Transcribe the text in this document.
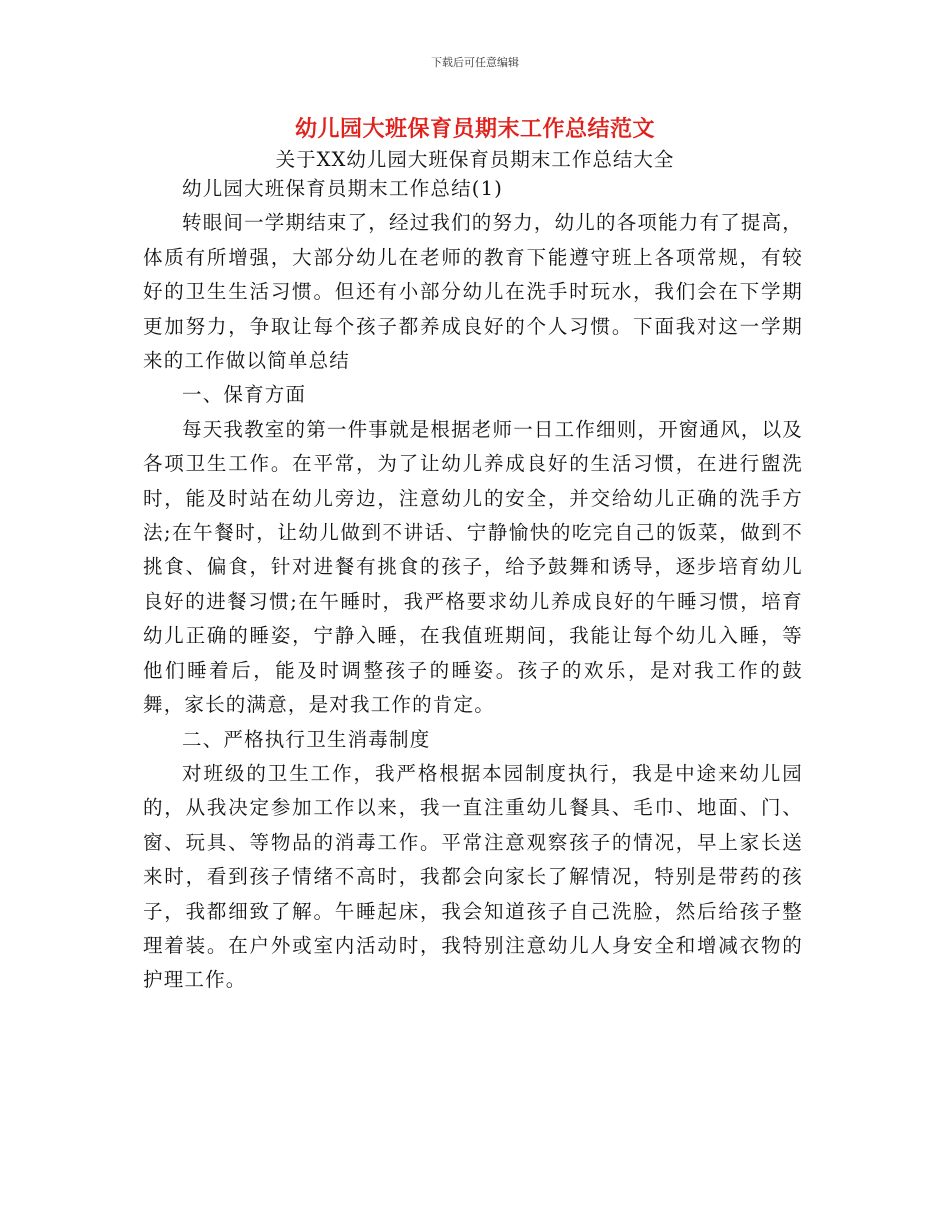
下载后可任意编辑
幼儿园大班保育员期末工作总结范文
关于XX幼儿园大班保育员期末工作总结大全

幼儿园大班保育员期末工作总结(1)

转眼间一学期结束了，经过我们的努力，幼儿的各项能力有了提高，体质有所增强，大部分幼儿在老师的教育下能遵守班上各项常规，有较好的卫生生活习惯。但还有小部分幼儿在洗手时玩水，我们会在下学期更加努力，争取让每个孩子都养成良好的个人习惯。下面我对这一学期来的工作做以简单总结

一、保育方面

每天我教室的第一件事就是根据老师一日工作细则，开窗通风，以及各项卫生工作。在平常，为了让幼儿养成良好的生活习惯，在进行盥洗时，能及时站在幼儿旁边，注意幼儿的安全，并交给幼儿正确的洗手方法;在午餐时，让幼儿做到不讲话、宁静愉快的吃完自己的饭菜，做到不挑食、偏食，针对进餐有挑食的孩子，给予鼓舞和诱导，逐步培育幼儿良好的进餐习惯;在午睡时，我严格要求幼儿养成良好的午睡习惯，培育幼儿正确的睡姿，宁静入睡，在我值班期间，我能让每个幼儿入睡，等他们睡着后，能及时调整孩子的睡姿。孩子的欢乐，是对我工作的鼓舞，家长的满意，是对我工作的肯定。

二、严格执行卫生消毒制度

对班级的卫生工作，我严格根据本园制度执行，我是中途来幼儿园的，从我决定参加工作以来，我一直注重幼儿餐具、毛巾、地面、门、窗、玩具、等物品的消毒工作。平常注意观察孩子的情况，早上家长送来时，看到孩子情绪不高时，我都会向家长了解情况，特别是带药的孩子，我都细致了解。午睡起床，我会知道孩子自己洗脸，然后给孩子整理着装。在户外或室内活动时，我特别注意幼儿人身安全和增减衣物的护理工作。
